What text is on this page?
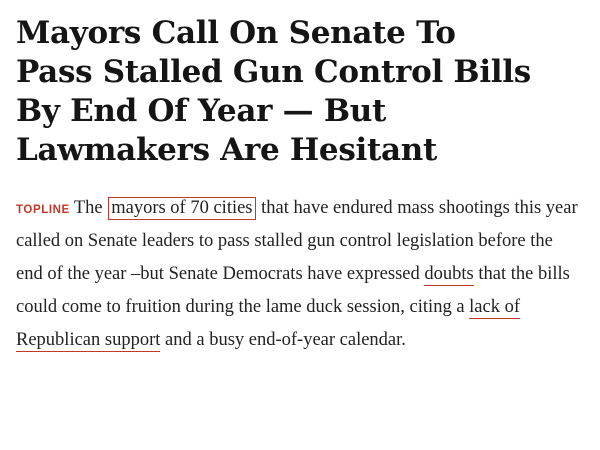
Mayors Call On Senate To
Pass Stalled Gun Control Bills
By End Of Year — But
Lawmakers Are Hesitant

TOPLINE The mayors of 70 cities that have endured mass shootings this year called on Senate leaders to pass stalled gun control legislation before the end of the year –but Senate Democrats have expressed doubts that the bills could come to fruition during the lame duck session, citing a lack of Republican support and a busy end-of-year calendar.
